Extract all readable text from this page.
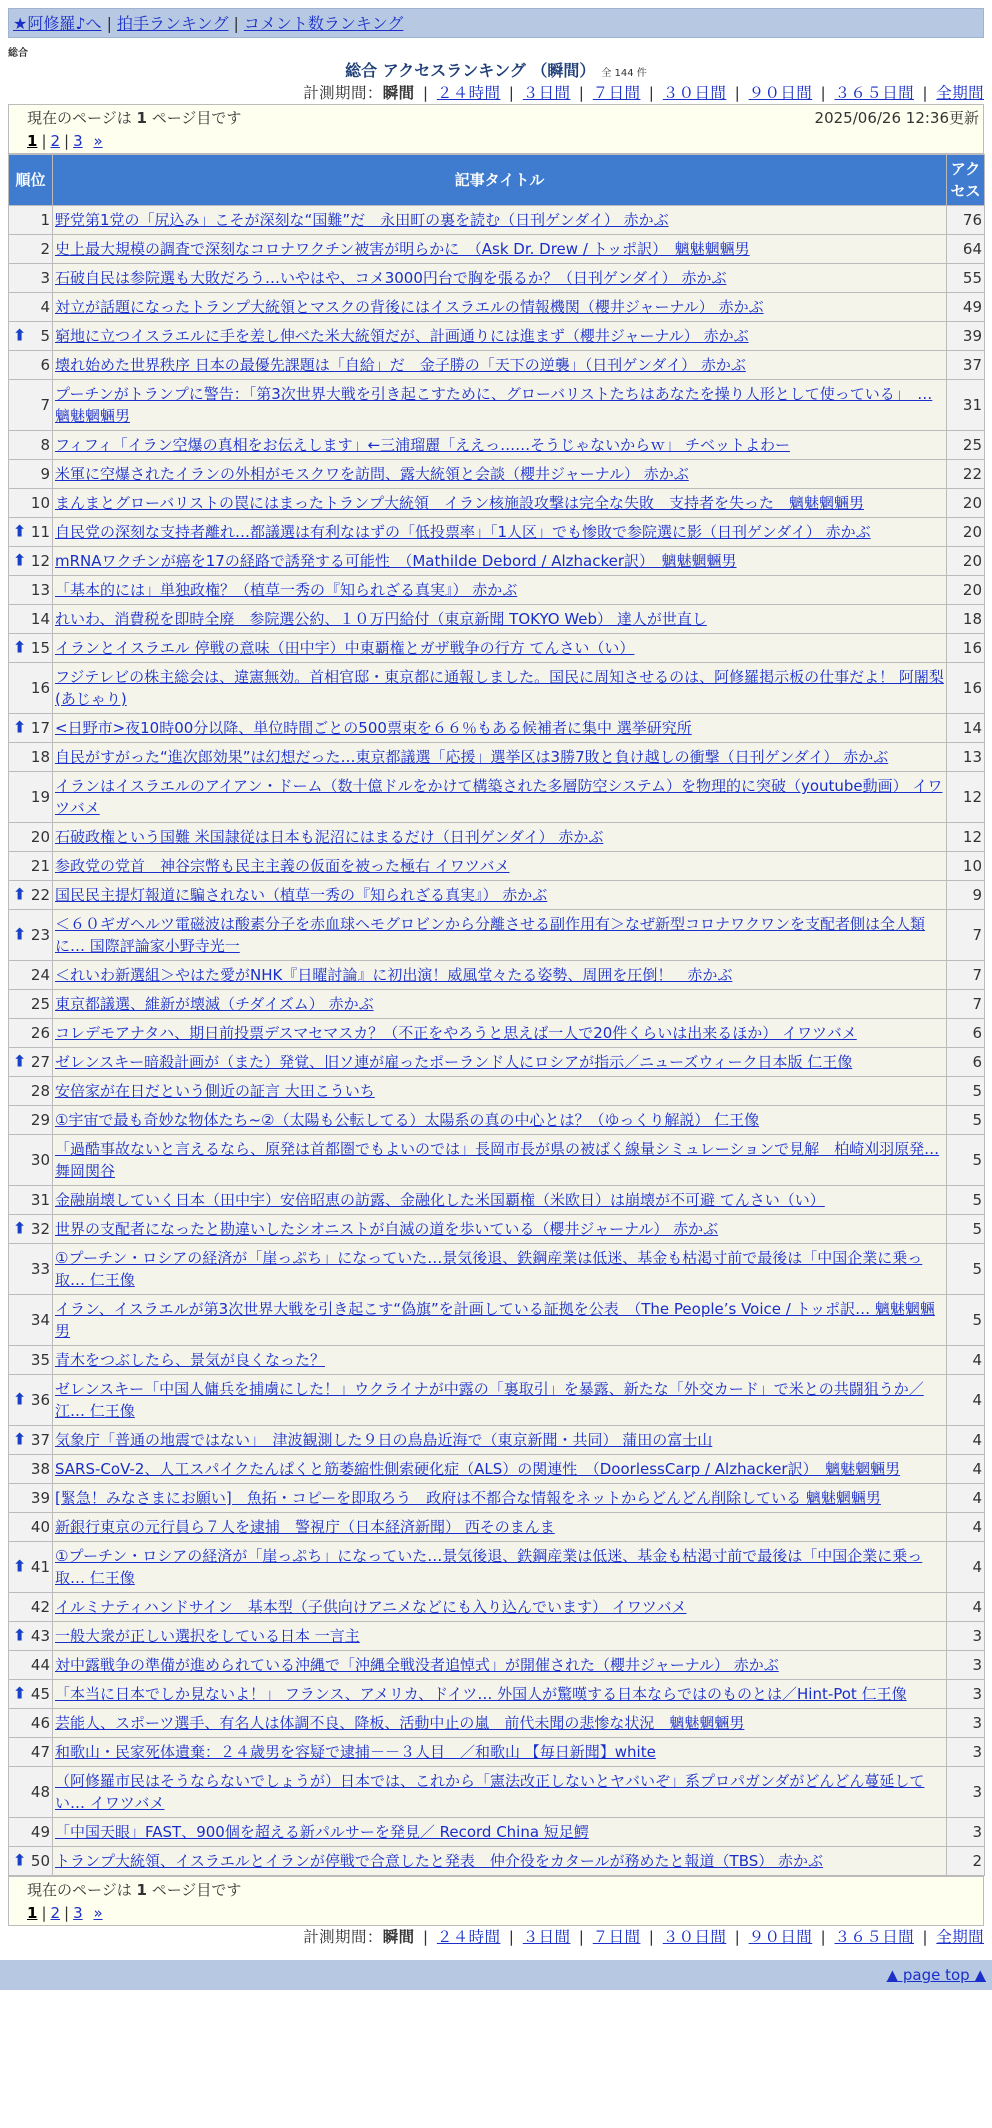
★阿修羅♪へ | 拍手ランキング | コメント数ランキング
総合
総合 アクセスランキング （瞬間） 全 144 件
計測期間：瞬間 | ２４時間 | ３日間 | ７日間 | ３０日間 | ９０日間 | ３６５日間 | 全期間
現在のページは 1 ページ目です	2025/06/26 12:36更新
1 | 2 | 3 »
順位	記事タイトル	アクセス
1	野党第1党の「尻込み」こそが深刻な“国難”だ　永田町の裏を読む（日刊ゲンダイ） 赤かぶ	76
2	史上最大規模の調査で深刻なコロナワクチン被害が明らかに　（Ask Dr. Drew / トッポ訳）　魑魅魍魎男	64
3	石破自民は参院選も大敗だろう…いやはや、コメ3000円台で胸を張るか？（日刊ゲンダイ） 赤かぶ	55
4	対立が話題になったトランプ大統領とマスクの背後にはイスラエルの情報機関（櫻井ジャーナル） 赤かぶ	49

⬆ 5	窮地に立つイスラエルに手を差し伸べた米大統領だが、計画通りには進まず（櫻井ジャーナル） 赤かぶ	39
6	壊れ始めた世界秩序 日本の最優先課題は「自給」だ　金子勝の「天下の逆襲」（日刊ゲンダイ） 赤かぶ	37
7	プーチンがトランプに警告：「第3次世界大戦を引き起こすために、グローバリストたちはあなたを操り人形として使っている」　… 魑魅魍魎男	31
8	フィフィ「イラン空爆の真相をお伝えします」←三浦瑠麗「ええっ……そうじゃないからｗ」 チベットよわー	25
9	米軍に空爆されたイランの外相がモスクワを訪問、露大統領と会談（櫻井ジャーナル） 赤かぶ	22
10	まんまとグローバリストの罠にはまったトランプ大統領　イラン核施設攻撃は完全な失敗　支持者を失った　魑魅魍魎男	20

⬆ 11	自民党の深刻な支持者離れ…都議選は有利なはずの「低投票率」「1人区」でも惨敗で参院選に影（日刊ゲンダイ） 赤かぶ	20

⬆ 12	mRNAワクチンが癌を17の経路で誘発する可能性　（Mathilde Debord / Alzhacker訳）　魑魅魍魎男	20
13	「基本的には」単独政権？（植草一秀の『知られざる真実』） 赤かぶ	20
14	れいわ、消費税を即時全廃　参院選公約、１０万円給付（東京新聞 TOKYO Web） 達人が世直し	18

⬆ 15	イランとイスラエル 停戦の意味（田中宇）中東覇権とガザ戦争の行方 てんさい（い）	16
16	フジテレビの株主総会は、違憲無効。首相官邸・東京都に通報しました。国民に周知させるのは、阿修羅掲示板の仕事だよ！ 阿闍梨(あじゃり)	16

⬆ 17	<日野市>夜10時00分以降、単位時間ごとの500票束を６６％もある候補者に集中 選挙研究所	14
18	自民がすがった“進次郎効果”は幻想だった…東京都議選「応援」選挙区は3勝7敗と負け越しの衝撃（日刊ゲンダイ） 赤かぶ	13
19	イランはイスラエルのアイアン・ドーム（数十億ドルをかけて構築された多層防空システム）を物理的に突破（youtube動画） イワツバメ	12
20	石破政権という国難 米国隷従は日本も泥沼にはまるだけ（日刊ゲンダイ） 赤かぶ	12
21	参政党の党首　神谷宗幣も民主主義の仮面を被った極右 イワツバメ	10

⬆ 22	国民民主提灯報道に騙されない（植草一秀の『知られざる真実』） 赤かぶ	9

⬆ 23	＜６０ギガヘルツ電磁波は酸素分子を赤血球ヘモグロビンから分離させる副作用有＞なぜ新型コロナワクワンを支配者側は全人類に… 国際評論家小野寺光一	7
24	＜れいわ新選組＞やはた愛がNHK『日曜討論』に初出演！威風堂々たる姿勢、周囲を圧倒！　赤かぶ	7
25	東京都議選、維新が壊滅（チダイズム） 赤かぶ	7
26	コレデモアナタハ、期日前投票デスマセマスカ？（不正をやろうと思えば一人で20件くらいは出来るほか） イワツバメ	6

⬆ 27	ゼレンスキー暗殺計画が（また）発覚、旧ソ連が雇ったポーランド人にロシアが指示／ニューズウィーク日本版 仁王像	6
28	安倍家が在日だという側近の証言 大田こういち	5
29	①宇宙で最も奇妙な物体たち~②（太陽も公転してる）太陽系の真の中心とは？（ゆっくり解説） 仁王像	5
30	「過酷事故ないと言えるなら、原発は首都圏でもよいのでは」長岡市長が県の被ばく線量シミュレーションで見解　柏崎刈羽原発… 舞岡関谷	5
31	金融崩壊していく日本（田中宇）安倍昭恵の訪露、金融化した米国覇権（米欧日）は崩壊が不可避 てんさい（い）	5

⬆ 32	世界の支配者になったと勘違いしたシオニストが自滅の道を歩いている（櫻井ジャーナル） 赤かぶ	5
33	①プーチン・ロシアの経済が「崖っぷち」になっていた…景気後退、鉄鋼産業は低迷、基金も枯渇寸前で最後は「中国企業に乗っ取… 仁王像	5
34	イラン、イスラエルが第3次世界大戦を引き起こす“偽旗”を計画している証拠を公表　（The People’s Voice / トッポ訳… 魑魅魍魎男	5
35	青木をつぶしたら、景気が良くなった？	4

⬆ 36	ゼレンスキー「中国人傭兵を捕虜にした！」ウクライナが中露の「裏取引」を暴露、新たな「外交カード」で米との共闘狙うか／江… 仁王像	4

⬆ 37	気象庁「普通の地震ではない」　津波観測した９日の鳥島近海で（東京新聞・共同） 蒲田の富士山	4
38	SARS-CoV-2、人工スパイクたんぱくと筋萎縮性側索硬化症（ALS）の関連性　（DoorlessCarp / Alzhacker訳）　魑魅魍魎男	4
39	[緊急！みなさまにお願い]　魚拓・コピーを即取ろう　政府は不都合な情報をネットからどんどん削除している 魑魅魍魎男	4
40	新銀行東京の元行員ら７人を逮捕　警視庁（日本経済新聞） 西そのまんま	4

⬆ 41	①プーチン・ロシアの経済が「崖っぷち」になっていた…景気後退、鉄鋼産業は低迷、基金も枯渇寸前で最後は「中国企業に乗っ取… 仁王像	4
42	イルミナティハンドサイン　基本型（子供向けアニメなどにも入り込んでいます） イワツバメ	4

⬆ 43	一般大衆が正しい選択をしている日本 一言主	3
44	対中露戦争の準備が進められている沖縄で「沖縄全戦没者追悼式」が開催された（櫻井ジャーナル） 赤かぶ	3

⬆ 45	「本当に日本でしか見ないよ！」 フランス、アメリカ、ドイツ… 外国人が驚嘆する日本ならではのものとは／Hint-Pot 仁王像	3
46	芸能人、スポーツ選手、有名人は体調不良、降板、活動中止の嵐　前代未聞の悲惨な状況　魑魅魍魎男	3
47	和歌山・民家死体遺棄：２４歳男を容疑で逮捕－－３人目　／和歌山 【毎日新聞】white	3
48	（阿修羅市民はそうならないでしょうが）日本では、これから「憲法改正しないとヤバいぞ」系プロパガンダがどんどん蔓延してい… イワツバメ	3
49	「中国天眼」FAST、900個を超える新パルサーを発見／ Record China 短足鰐	3

⬆ 50	トランプ大統領、イスラエルとイランが停戦で合意したと発表　仲介役をカタールが務めたと報道（TBS） 赤かぶ	2
現在のページは 1 ページ目です
1 | 2 | 3 »
計測期間：瞬間 | ２４時間 | ３日間 | ７日間 | ３０日間 | ９０日間 | ３６５日間 | 全期間
▲ page top ▲
